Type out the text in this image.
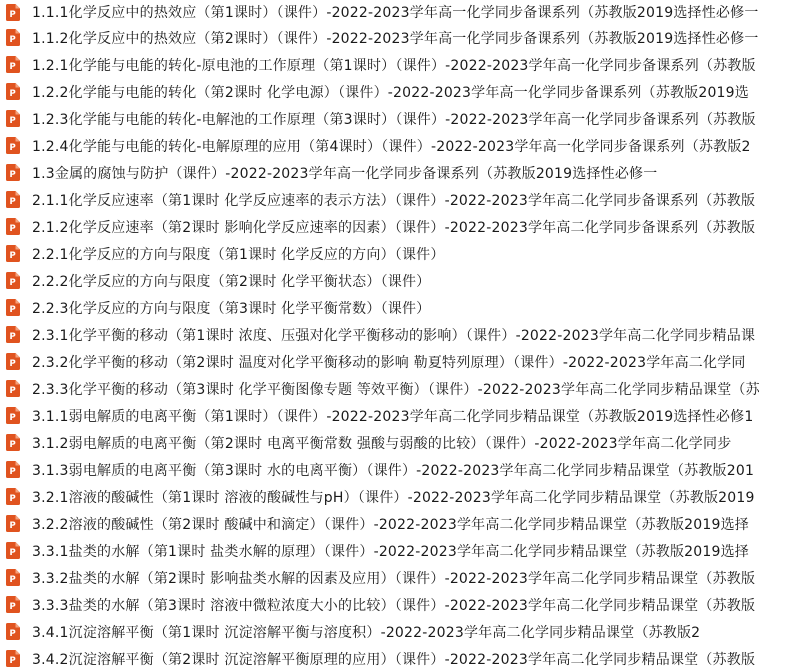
P 1.1.1化学反应中的热效应（第1课时）（课件）-2022-2023学年高一化学同步备课系列（苏教版2019选择性必修一
P 1.1.2化学反应中的热效应（第2课时）（课件）-2022-2023学年高一化学同步备课系列（苏教版2019选择性必修一
P 1.2.1化学能与电能的转化-原电池的工作原理（第1课时）（课件）-2022-2023学年高一化学同步备课系列（苏教版
P 1.2.2化学能与电能的转化（第2课时 化学电源）（课件）-2022-2023学年高一化学同步备课系列（苏教版2019选
P 1.2.3化学能与电能的转化-电解池的工作原理（第3课时）（课件）-2022-2023学年高一化学同步备课系列（苏教版
P 1.2.4化学能与电能的转化-电解原理的应用（第4课时）（课件）-2022-2023学年高一化学同步备课系列（苏教版2
P 1.3金属的腐蚀与防护（课件）-2022-2023学年高一化学同步备课系列（苏教版2019选择性必修一
P 2.1.1化学反应速率（第1课时 化学反应速率的表示方法）（课件）-2022-2023学年高二化学同步备课系列（苏教版
P 2.1.2化学反应速率（第2课时 影响化学反应速率的因素）（课件）-2022-2023学年高二化学同步备课系列（苏教版
P 2.2.1化学反应的方向与限度（第1课时 化学反应的方向）（课件）
P 2.2.2化学反应的方向与限度（第2课时 化学平衡状态）（课件）
P 2.2.3化学反应的方向与限度（第3课时 化学平衡常数）（课件）
P 2.3.1化学平衡的移动（第1课时 浓度、压强对化学平衡移动的影响）（课件）-2022-2023学年高二化学同步精品课
P 2.3.2化学平衡的移动（第2课时 温度对化学平衡移动的影响 勒夏特列原理）（课件）-2022-2023学年高二化学同
P 2.3.3化学平衡的移动（第3课时 化学平衡图像专题 等效平衡）（课件）-2022-2023学年高二化学同步精品课堂（苏
P 3.1.1弱电解质的电离平衡（第1课时）（课件）-2022-2023学年高二化学同步精品课堂（苏教版2019选择性必修1
P 3.1.2弱电解质的电离平衡（第2课时 电离平衡常数 强酸与弱酸的比较）（课件）-2022-2023学年高二化学同步
P 3.1.3弱电解质的电离平衡（第3课时 水的电离平衡）（课件）-2022-2023学年高二化学同步精品课堂（苏教版201
P 3.2.1溶液的酸碱性（第1课时 溶液的酸碱性与pH）（课件）-2022-2023学年高二化学同步精品课堂（苏教版2019
P 3.2.2溶液的酸碱性（第2课时 酸碱中和滴定）（课件）-2022-2023学年高二化学同步精品课堂（苏教版2019选择
P 3.3.1盐类的水解（第1课时 盐类水解的原理）（课件）-2022-2023学年高二化学同步精品课堂（苏教版2019选择
P 3.3.2盐类的水解（第2课时 影响盐类水解的因素及应用）（课件）-2022-2023学年高二化学同步精品课堂（苏教版
P 3.3.3盐类的水解（第3课时 溶液中微粒浓度大小的比较）（课件）-2022-2023学年高二化学同步精品课堂（苏教版
P 3.4.1沉淀溶解平衡（第1课时 沉淀溶解平衡与溶度积）-2022-2023学年高二化学同步精品课堂（苏教版2
P 3.4.2沉淀溶解平衡（第2课时 沉淀溶解平衡原理的应用）（课件）-2022-2023学年高二化学同步精品课堂（苏教版
